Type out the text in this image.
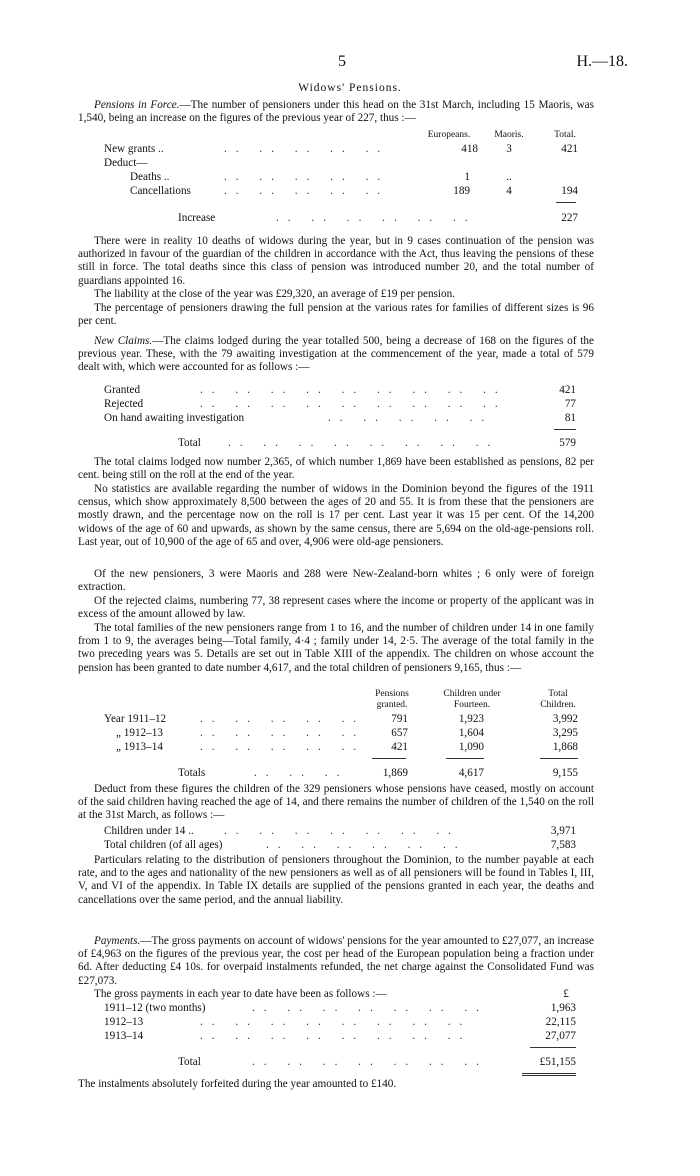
5	H.—18.
Widows' Pensions.
Pensions in Force.—The number of pensioners under this head on the 31st March, including 15 Maoris, was 1,540, being an increase on the figures of the previous year of 227, thus :—
Europeans.	Maoris.	Total.
New grants ..	.. .. .. .. ..	418	3	421
Deduct—
Deaths ..	.. .. .. .. ..	1	..
Cancellations	.. .. .. .. ..	189	4	194
Increase	.. .. .. .. .. ..	227
There were in reality 10 deaths of widows during the year, but in 9 cases continuation of the pension was authorized in favour of the guardian of the children in accordance with the Act, thus leaving the pensions of these still in force. The total deaths since this class of pension was introduced number 20, and the total number of guardians appointed 16.
The liability at the close of the year was £29,320, an average of £19 per pension.
The percentage of pensioners drawing the full pension at the various rates for families of different sizes is 96 per cent.
New Claims.—The claims lodged during the year totalled 500, being a decrease of 168 on the figures of the previous year. These, with the 79 awaiting investigation at the commencement of the year, made a total of 579 dealt with, which were accounted for as follows :—
Granted	.. .. .. .. .. .. .. .. ..	421
Rejected	.. .. .. .. .. .. .. .. ..	77
On hand awaiting investigation	.. .. .. .. ..	81
Total .. .. .. .. .. .. .. ..	579
The total claims lodged now number 2,365, of which number 1,869 have been established as pensions, 82 per cent. being still on the roll at the end of the year.
No statistics are available regarding the number of widows in the Dominion beyond the figures of the 1911 census, which show approximately 8,500 between the ages of 20 and 55. It is from these that the pensioners are mostly drawn, and the percentage now on the roll is 17 per cent. Last year it was 15 per cent. Of the 14,200 widows of the age of 60 and upwards, as shown by the same census, there are 5,694 on the old-age-pensions roll. Last year, out of 10,900 of the age of 65 and over, 4,906 were old-age pensioners.
Of the new pensioners, 3 were Maoris and 288 were New-Zealand-born whites ; 6 only were of foreign extraction.
Of the rejected claims, numbering 77, 38 represent cases where the income or property of the applicant was in excess of the amount allowed by law.
The total families of the new pensioners range from 1 to 16, and the number of children under 14 in one family from 1 to 9, the averages being—Total family, 4·4 ; family under 14, 2·5. The average of the total family in the two preceding years was 5. Details are set out in Table XIII of the appendix. The children on whose account the pension has been granted to date number 4,617, and the total children of pensioners 9,165, thus :—
Pensions granted.
Children under Fourteen.
Total Children.
Year 1911–12	.. .. .. .. ..	791	1,923	3,992
„ 1912–13	.. .. .. .. ..	657	1,604	3,295
„ 1913–14	.. .. .. .. ..	421	1,090	1,868
Totals	.. .. ..	1,869	4,617	9,155
Deduct from these figures the children of the 329 pensioners whose pensions have ceased, mostly on account of the said children having reached the age of 14, and there remains the number of children of the 1,540 on the roll at the 31st March, as follows :—
Children under 14 ..	.. .. .. .. .. .. ..	3,971
Total children (of all ages)	.. .. .. .. .. ..	7,583
Particulars relating to the distribution of pensioners throughout the Dominion, to the number payable at each rate, and to the ages and nationality of the new pensioners as well as of all pensioners will be found in Tables I, III, V, and VI of the appendix. In Table IX details are supplied of the pensions granted in each year, the deaths and cancellations over the same period, and the annual liability.
Payments.—The gross payments on account of widows' pensions for the year amounted to £27,077, an increase of £4,963 on the figures of the previous year, the cost per head of the European population being a fraction under 6d. After deducting £4 10s. for overpaid instalments refunded, the net charge against the Consolidated Fund was £27,073.
The gross payments in each year to date have been as follows :—	£
1911–12 (two months)	.. .. .. .. .. .. ..	1,963
1912–13	.. .. .. .. .. .. .. ..	22,115
1913–14	.. .. .. .. .. .. .. ..	27,077
Total	.. .. .. .. .. .. ..	£51,155
The instalments absolutely forfeited during the year amounted to £140.
